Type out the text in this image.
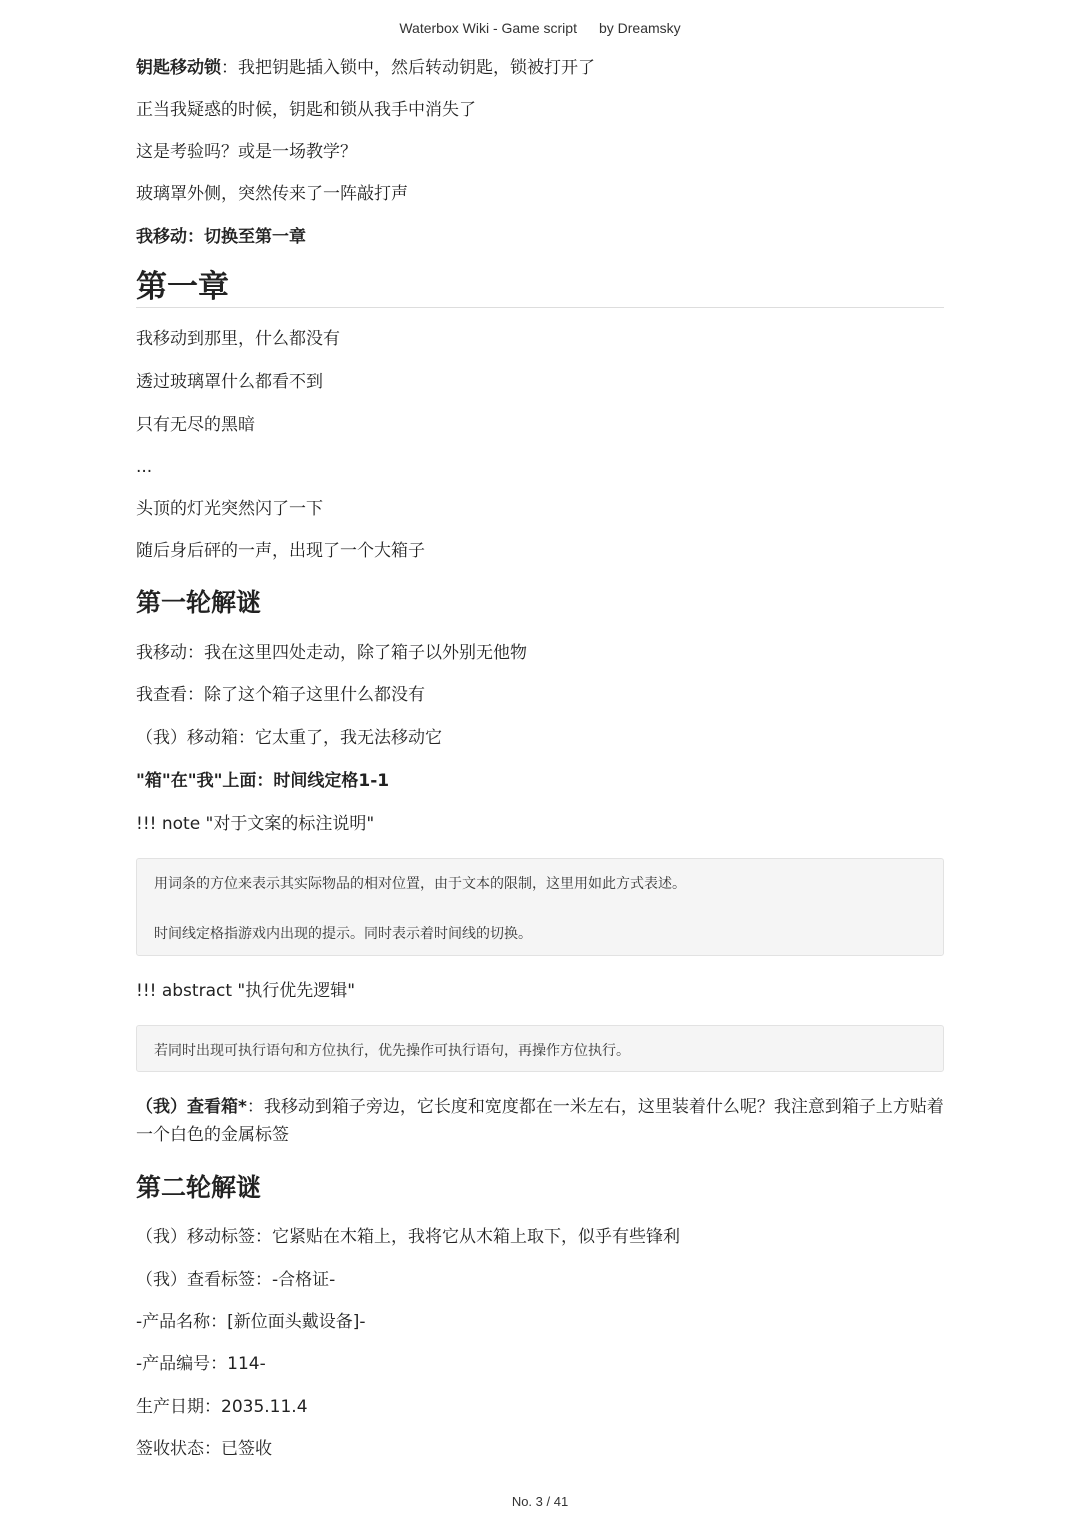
Waterbox Wiki - Game script by Dreamsky
钥匙移动锁：我把钥匙插入锁中，然后转动钥匙，锁被打开了
正当我疑惑的时候，钥匙和锁从我手中消失了
这是考验吗？或是一场教学？
玻璃罩外侧，突然传来了一阵敲打声
我移动：切换至第一章
第一章
我移动到那里，什么都没有
透过玻璃罩什么都看不到
只有无尽的黑暗
...
头顶的灯光突然闪了一下
随后身后砰的一声，出现了一个大箱子
第一轮解谜
我移动：我在这里四处走动，除了箱子以外别无他物
我查看：除了这个箱子这里什么都没有
（我）移动箱：它太重了，我无法移动它
"箱"在"我"上面：时间线定格1-1
!!! note "对于文案的标注说明"

用词条的方位来表示其实际物品的相对位置，由于文本的限制，这里用如此方式表述。

时间线定格指游戏内出现的提示。同时表示着时间线的切换。

!!! abstract "执行优先逻辑"

若同时出现可执行语句和方位执行，优先操作可执行语句，再操作方位执行。

（我）查看箱*：我移动到箱子旁边，它长度和宽度都在一米左右，这里装着什么呢？我注意到箱子上方贴着一个白色的金属标签
第二轮解谜
（我）移动标签：它紧贴在木箱上，我将它从木箱上取下，似乎有些锋利
（我）查看标签：-合格证-
-产品名称：[新位面头戴设备]-
-产品编号：114-
生产日期：2035.11.4
签收状态：已签收
No. 3 / 41
